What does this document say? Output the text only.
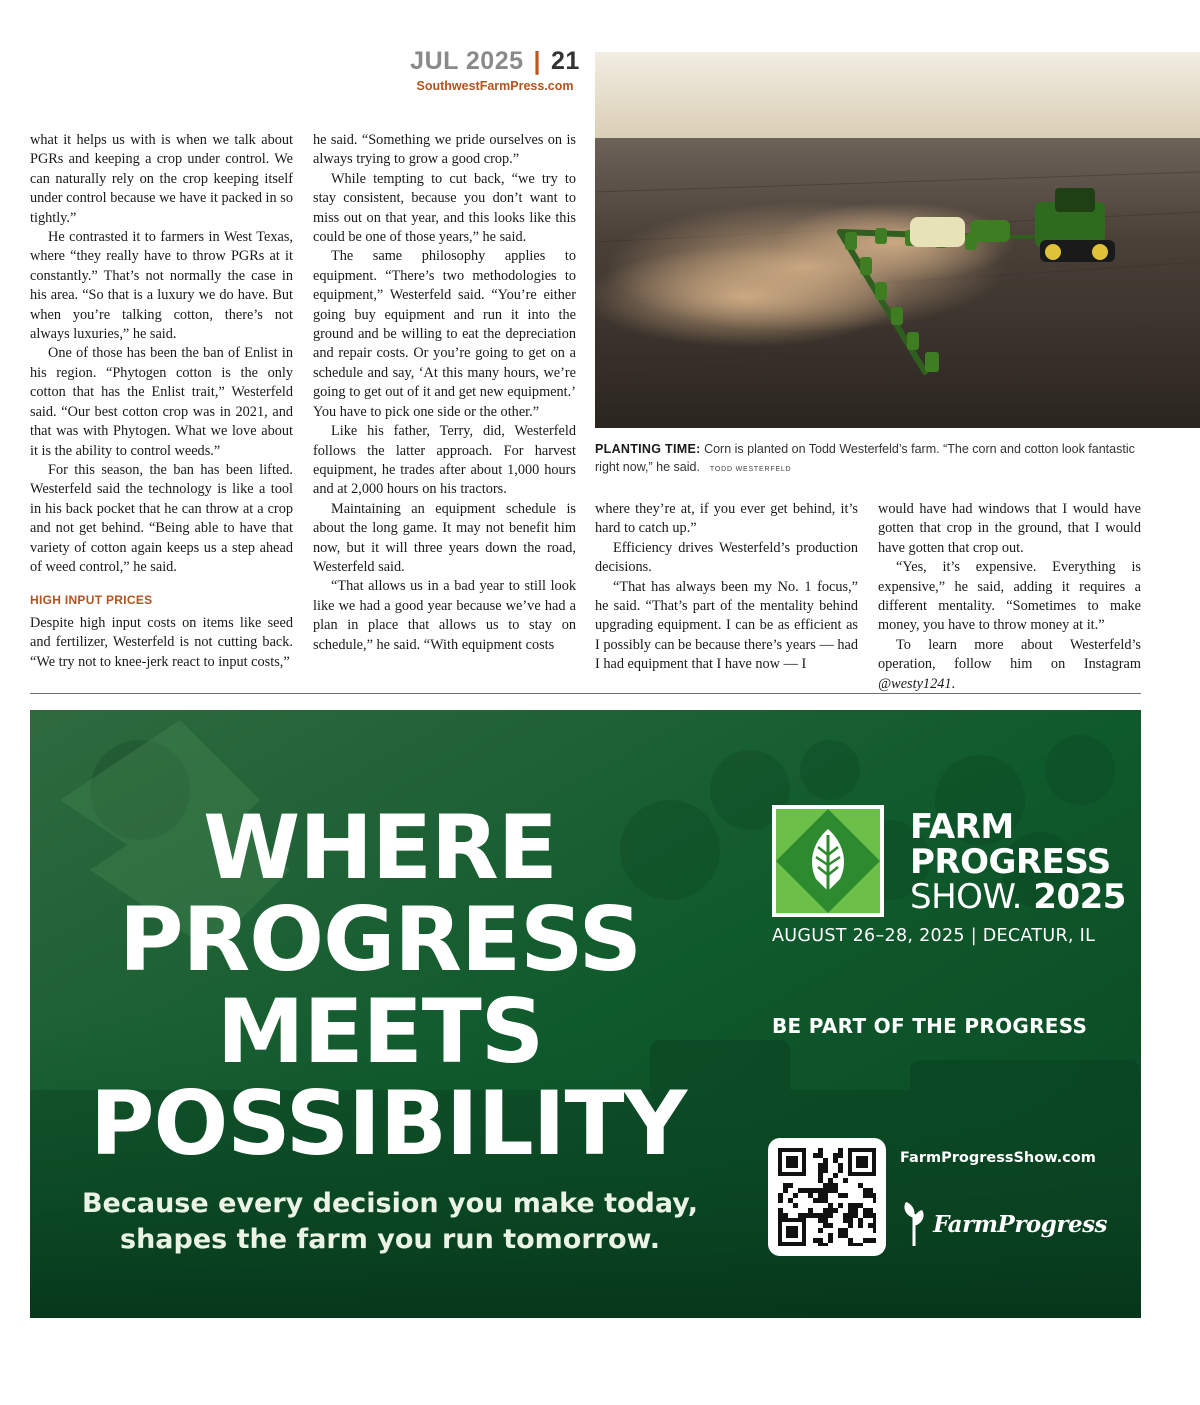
JUL 2025 | 21
SouthwestFarmPress.com

what it helps us with is when we talk about PGRs and keeping a crop under control. We can naturally rely on the crop keeping itself under control because we have it packed in so tightly.”

He contrasted it to farmers in West Texas, where “they really have to throw PGRs at it constantly.” That’s not normally the case in his area. “So that is a luxury we do have. But when you’re talking cotton, there’s not always luxuries,” he said.

One of those has been the ban of Enlist in his region. “Phytogen cotton is the only cotton that has the Enlist trait,” Westerfeld said. “Our best cotton crop was in 2021, and that was with Phytogen. What we love about it is the ability to control weeds.”

For this season, the ban has been lifted. Westerfeld said the technology is like a tool in his back pocket that he can throw at a crop and not get behind. “Being able to have that variety of cotton again keeps us a step ahead of weed control,” he said.

HIGH INPUT PRICES

Despite high input costs on items like seed and fertilizer, Westerfeld is not cutting back. “We try not to knee-jerk react to input costs,”

he said. “Something we pride ourselves on is always trying to grow a good crop.”

While tempting to cut back, “we try to stay consistent, because you don’t want to miss out on that year, and this looks like this could be one of those years,” he said.

The same philosophy applies to equipment. “There’s two methodologies to equipment,” Westerfeld said. “You’re either going buy equipment and run it into the ground and be willing to eat the depreciation and repair costs. Or you’re going to get on a schedule and say, ‘At this many hours, we’re going to get out of it and get new equipment.’ You have to pick one side or the other.”

Like his father, Terry, did, Westerfeld follows the latter approach. For harvest equipment, he trades after about 1,000 hours and at 2,000 hours on his tractors.

Maintaining an equipment schedule is about the long game. It may not benefit him now, but it will three years down the road, Westerfeld said.

“That allows us in a bad year to still look like we had a good year because we’ve had a plan in place that allows us to stay on schedule,” he said. “With equipment costs

PLANTING TIME: Corn is planted on Todd Westerfeld’s farm. “The corn and cotton look fantastic right now,” he said. TODD WESTERFELD

where they’re at, if you ever get behind, it’s hard to catch up.”

Efficiency drives Westerfeld’s production decisions.

“That has always been my No. 1 focus,” he said. “That’s part of the mentality behind upgrading equipment. I can be as efficient as I possibly can be because there’s years — had I had equipment that I have now — I

would have had windows that I would have gotten that crop in the ground, that I would have gotten that crop out.

“Yes, it’s expensive. Everything is expensive,” he said, adding it requires a different mentality. “Sometimes to make money, you have to throw money at it.”

To learn more about Westerfeld’s operation, follow him on Instagram @westy1241.

WHERE
PROGRESS
MEETS
POSSIBILITY
Because every decision you make today,
shapes the farm you run tomorrow.
FARM
PROGRESS
SHOW. 2025
AUGUST 26–28, 2025 | DECATUR, IL
BE PART OF THE PROGRESS
FarmProgressShow.com
FarmProgress
